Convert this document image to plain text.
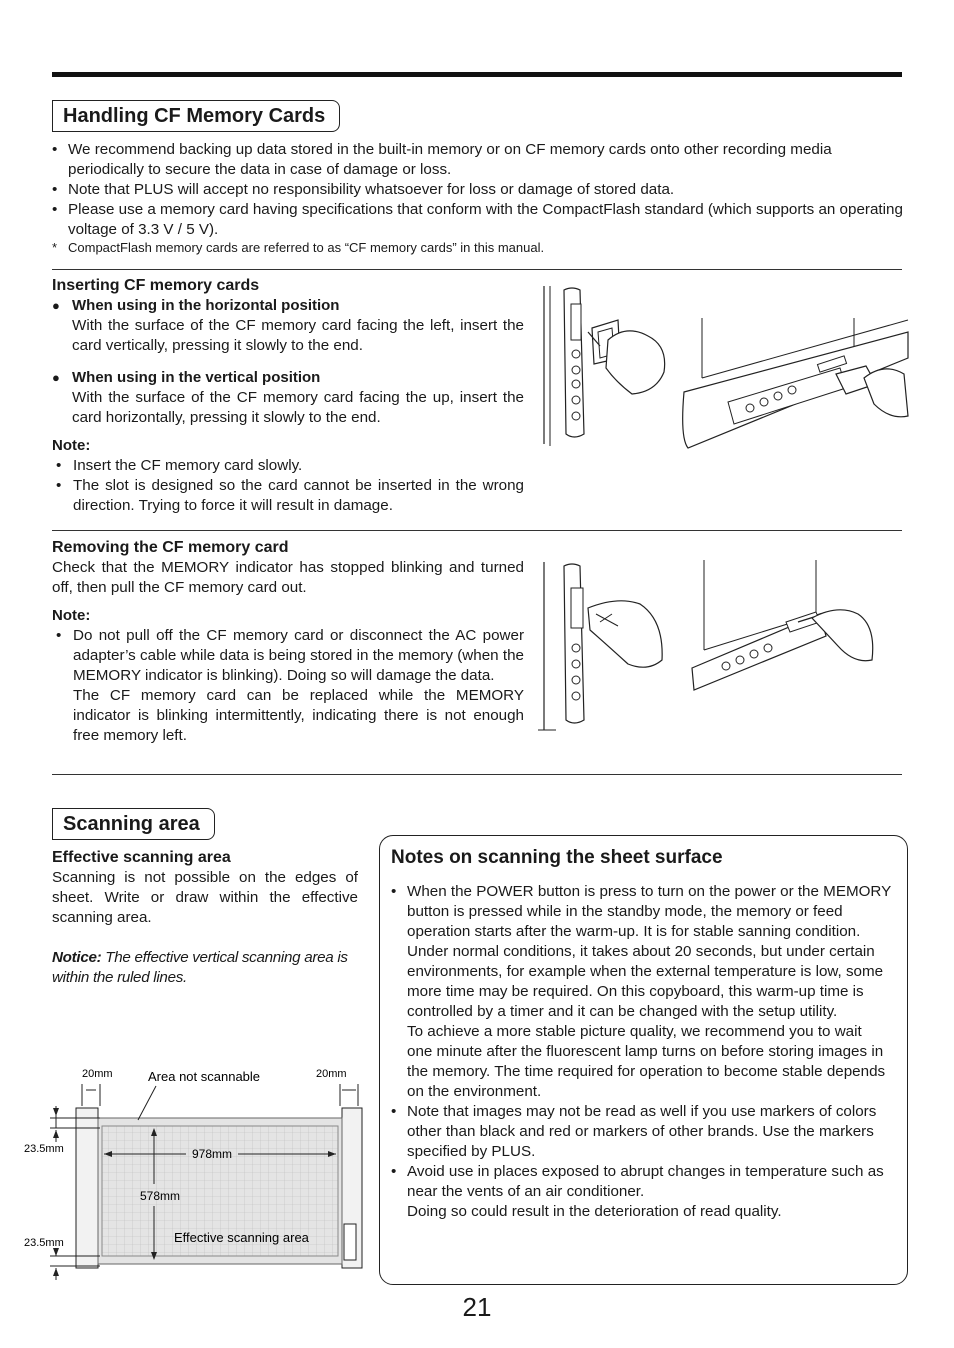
Handling CF Memory Cards
• We recommend backing up data stored in the built-in memory or on CF memory cards onto other recording media periodically to secure the data in case of damage or loss.
• Note that PLUS will accept no responsibility whatsoever for loss or damage of stored data.
• Please use a memory card having specifications that conform with the CompactFlash standard (which supports an operating voltage of 3.3 V / 5 V).
* CompactFlash memory cards are referred to as “CF memory cards” in this manual.
Inserting CF memory cards
● When using in the horizontal position
With the surface of the CF memory card facing the left, insert the card vertically, pressing it slowly to the end.
● When using in the vertical position
With the surface of the CF memory card facing the up, insert the card horizontally, pressing it slowly to the end.
Note:
• Insert the CF memory card slowly.
• The slot is designed so the card cannot be inserted in the wrong direction. Trying to force it will result in damage.
Removing the CF memory card
Check that the MEMORY indicator has stopped blinking and turned off, then pull the CF memory card out.
Note:
• Do not pull off the CF memory card or disconnect the AC power adapter’s cable while data is being stored in the memory (when the MEMORY indicator is blinking). Doing so will damage the data.
The CF memory card can be replaced while the MEMORY indicator is blinking intermittently, indicating there is not enough free memory left.
Scanning area
Effective scanning area
Scanning is not possible on the edges of sheet. Write or draw within the effective scanning area.
Notice: The effective vertical scanning area is within the ruled lines.
20mm	20mm
Area not scannable
978mm
578mm
23.5mm
23.5mm	Effective scanning area
Notes on scanning the sheet surface
• When the POWER button is press to turn on the power or the MEMORY button is pressed while in the standby mode, the memory or feed operation starts after the warm-up. It is for stable sanning condition.
Under normal conditions, it takes about 20 seconds, but under certain environments, for example when the external temperature is low, some more time may be required. On this copyboard, this warm-up time is controlled by a timer and it can be changed with the setup utility.
To achieve a more stable picture quality, we recommend you to wait one minute after the fluorescent lamp turns on before storing images in the memory. The time required for operation to become stable depends on the environment.
• Note that images may not be read as well if you use markers of colors other than black and red or markers of other brands. Use the markers specified by PLUS.
• Avoid use in places exposed to abrupt changes in temperature such as near the vents of an air conditioner.
Doing so could result in the deterioration of read quality.
21
